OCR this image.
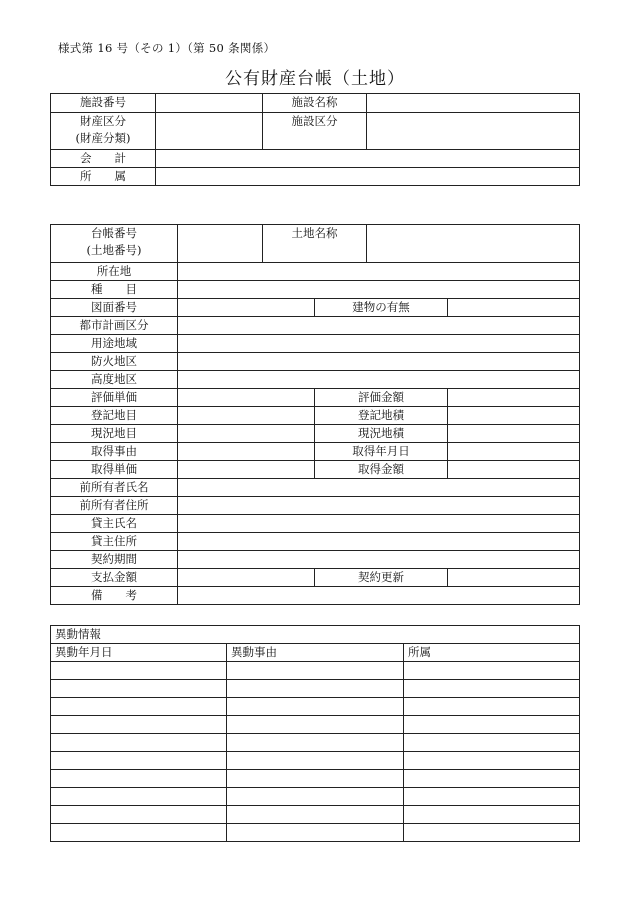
様式第 16 号（その 1）（第 50 条関係）
公有財産台帳（土地）
施設番号		施設名称	

財産区分
(財産分類)		施設区分	
会　　計			
所　　属			
台帳番号
(土地番号)		土地名称			
所在地					
種　　目					
図面番号			建物の有無		
都市計画区分					
用途地域					
防火地区					
高度地区					
評価単価			評価金額		
登記地目			登記地積		
現況地目			現況地積		
取得事由			取得年月日		
取得単価			取得金額		
前所有者氏名					
前所有者住所					
貸主氏名					
貸主住所					
契約期間					
支払金額			契約更新		
備　　考					
異動情報		
異動年月日	異動事由	所属
